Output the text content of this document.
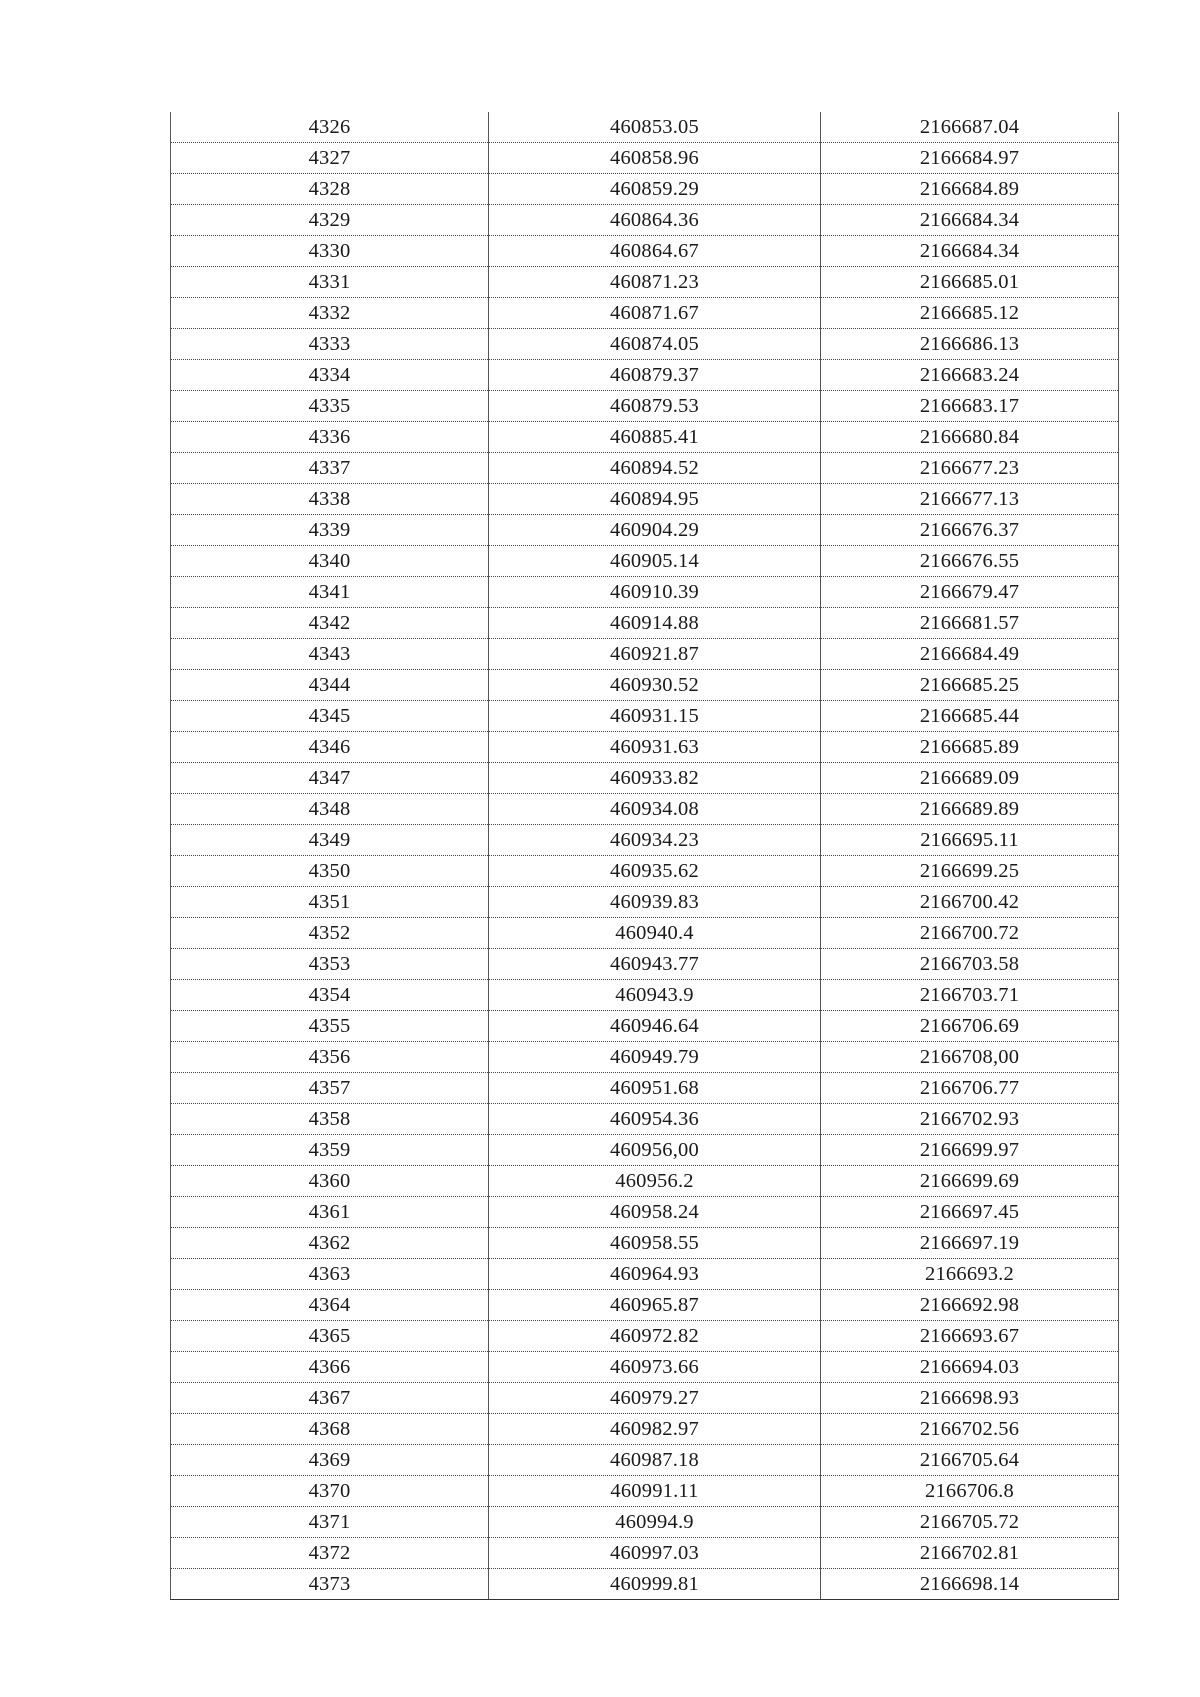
4326	460853.05	2166687.04
4327	460858.96	2166684.97
4328	460859.29	2166684.89
4329	460864.36	2166684.34
4330	460864.67	2166684.34
4331	460871.23	2166685.01
4332	460871.67	2166685.12
4333	460874.05	2166686.13
4334	460879.37	2166683.24
4335	460879.53	2166683.17
4336	460885.41	2166680.84
4337	460894.52	2166677.23
4338	460894.95	2166677.13
4339	460904.29	2166676.37
4340	460905.14	2166676.55
4341	460910.39	2166679.47
4342	460914.88	2166681.57
4343	460921.87	2166684.49
4344	460930.52	2166685.25
4345	460931.15	2166685.44
4346	460931.63	2166685.89
4347	460933.82	2166689.09
4348	460934.08	2166689.89
4349	460934.23	2166695.11
4350	460935.62	2166699.25
4351	460939.83	2166700.42
4352	460940.4	2166700.72
4353	460943.77	2166703.58
4354	460943.9	2166703.71
4355	460946.64	2166706.69
4356	460949.79	2166708,00
4357	460951.68	2166706.77
4358	460954.36	2166702.93
4359	460956,00	2166699.97
4360	460956.2	2166699.69
4361	460958.24	2166697.45
4362	460958.55	2166697.19
4363	460964.93	2166693.2
4364	460965.87	2166692.98
4365	460972.82	2166693.67
4366	460973.66	2166694.03
4367	460979.27	2166698.93
4368	460982.97	2166702.56
4369	460987.18	2166705.64
4370	460991.11	2166706.8
4371	460994.9	2166705.72
4372	460997.03	2166702.81
4373	460999.81	2166698.14
